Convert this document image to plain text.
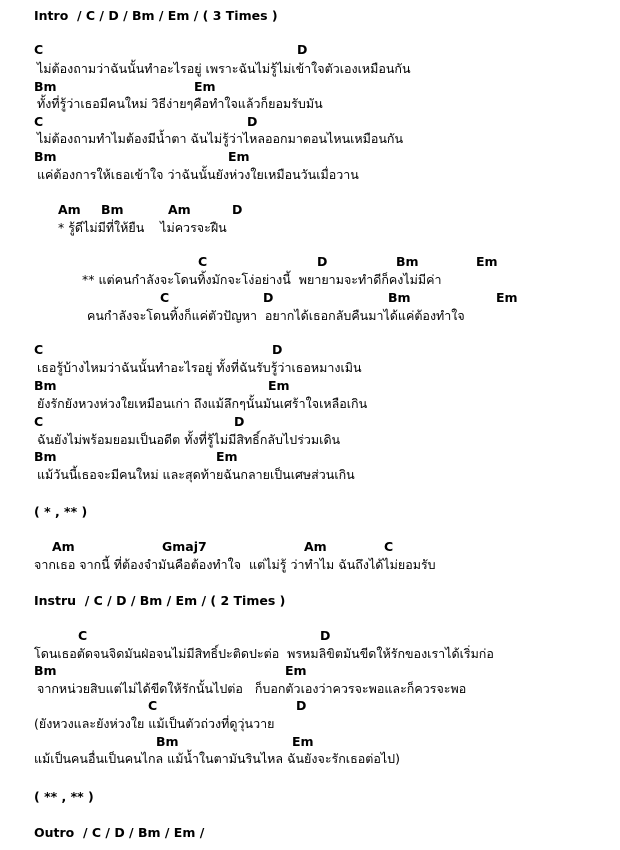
Intro  / C / D / Bm / Em / ( 3 Times )
C	D
ไม่ต้องถามว่าฉันนั้นทำอะไรอยู่ เพราะฉันไม่รู้ไม่เข้าใจตัวเองเหมือนกัน
Bm	Em
ทั้งที่รู้ว่าเธอมีคนใหม่ วิธีง่ายๆคือทำใจแล้วก็ยอมรับมัน
C	D
ไม่ต้องถามทำไมต้องมีน้ำตา ฉันไม่รู้ว่าไหลออกมาตอนไหนเหมือนกัน
Bm	Em
แค่ต้องการให้เธอเข้าใจ ว่าฉันนั้นยังห่วงใยเหมือนวันเมื่อวาน
Am Bm	Am	D
* รู้ดีไม่มีที่ให้ยืน    ไม่ควรจะฝืน
C	D	Bm	Em
** แต่คนกำลังจะโดนทิ้งมักจะโง่อย่างนี้  พยายามจะทำดีก็คงไม่มีค่า
C	D	Bm	Em
คนกำลังจะโดนทิ้งก็แค่ตัวปัญหา  อยากได้เธอกลับคืนมาได้แค่ต้องทำใจ
C	D
เธอรู้บ้างไหมว่าฉันนั้นทำอะไรอยู่ ทั้งที่ฉันรับรู้ว่าเธอหมางเมิน
Bm	Em
ยังรักยังหวงห่วงใยเหมือนเก่า ถึงแม้ลึกๆนั้นมันเศร้าใจเหลือเกิน
C	D
ฉันยังไม่พร้อมยอมเป็นอดีต ทั้งที่รู้ไม่มีสิทธิ์กลับไปร่วมเดิน
Bm	Em
แม้วันนี้เธอจะมีคนใหม่ และสุดท้ายฉันกลายเป็นเศษส่วนเกิน
( * , ** )
Am	Gmaj7	Am	C
จากเธอ จากนี้ ที่ต้องจำมันคือต้องทำใจ  แต่ไม่รู้ ว่าทำไม ฉันถึงได้ไม่ยอมรับ
Instru  / C / D / Bm / Em / ( 2 Times )
C	D
โดนเธอตัดจนจิดมันฝ่อจนไม่มีสิทธิ์ปะติดปะต่อ  พรหมลิขิตมันขีดให้รักของเราได้เริ่มก่อ
Bm	Em
จากหน่วยสิบแต่ไม่ได้ขีดให้รักนั้นไปต่อ   ก็บอกตัวเองว่าควรจะพอและก็ควรจะพอ
C	D
(ยังหวงและยังห่วงใย แม้เป็นตัวถ่วงที่ดูวุ่นวาย
Bm	Em
แม้เป็นคนอื่นเป็นคนไกล แม้น้ำในตามันรินไหล ฉันยังจะรักเธอต่อไป)
( ** , ** )
Outro  / C / D / Bm / Em /
